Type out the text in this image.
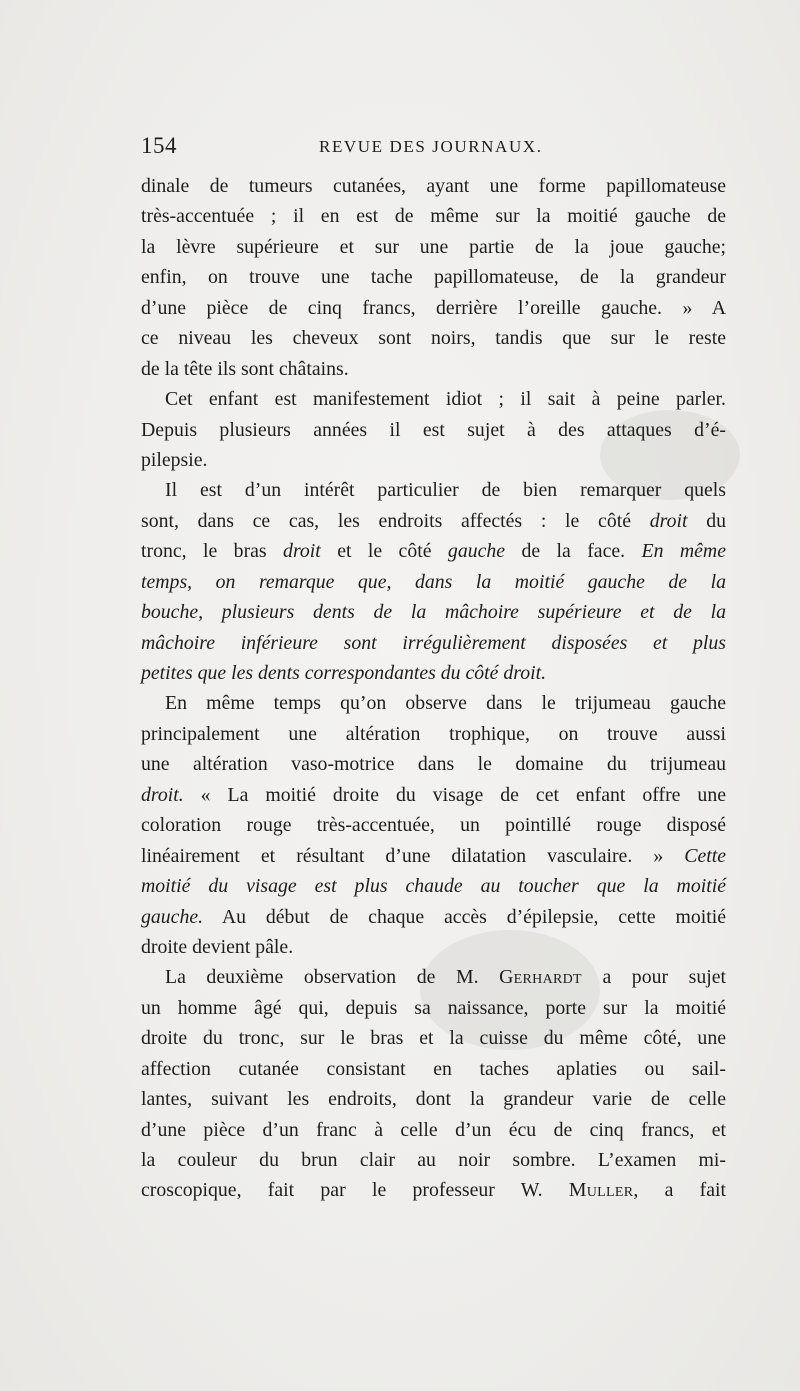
154	REVUE DES JOURNAUX.

dinale de tumeurs cutanées, ayant une forme papillomateuse
très-accentuée ; il en est de même sur la moitié gauche de
la lèvre supérieure et sur une partie de la joue gauche;
enfin, on trouve une tache papillomateuse, de la grandeur
d’une pièce de cinq francs, derrière l’oreille gauche. » A
ce niveau les cheveux sont noirs, tandis que sur le reste
de la tête ils sont châtains.

Cet enfant est manifestement idiot ; il sait à peine parler.
Depuis plusieurs années il est sujet à des attaques d’é-
pilepsie.

Il est d’un intérêt particulier de bien remarquer quels
sont, dans ce cas, les endroits affectés : le côté droit du
tronc, le bras droit et le côté gauche de la face. En même
temps, on remarque que, dans la moitié gauche de la
bouche, plusieurs dents de la mâchoire supérieure et de la
mâchoire inférieure sont irrégulièrement disposées et plus
petites que les dents correspondantes du côté droit.

En même temps qu’on observe dans le trijumeau gauche
principalement une altération trophique, on trouve aussi
une altération vaso-motrice dans le domaine du trijumeau
droit. « La moitié droite du visage de cet enfant offre une
coloration rouge très-accentuée, un pointillé rouge disposé
linéairement et résultant d’une dilatation vasculaire. » Cette
moitié du visage est plus chaude au toucher que la moitié
gauche. Au début de chaque accès d’épilepsie, cette moitié
droite devient pâle.

La deuxième observation de M. Gerhardt a pour sujet
un homme âgé qui, depuis sa naissance, porte sur la moitié
droite du tronc, sur le bras et la cuisse du même côté, une
affection cutanée consistant en taches aplaties ou sail-
lantes, suivant les endroits, dont la grandeur varie de celle
d’une pièce d’un franc à celle d’un écu de cinq francs, et
la couleur du brun clair au noir sombre. L’examen mi-
croscopique, fait par le professeur W. Muller, a fait
